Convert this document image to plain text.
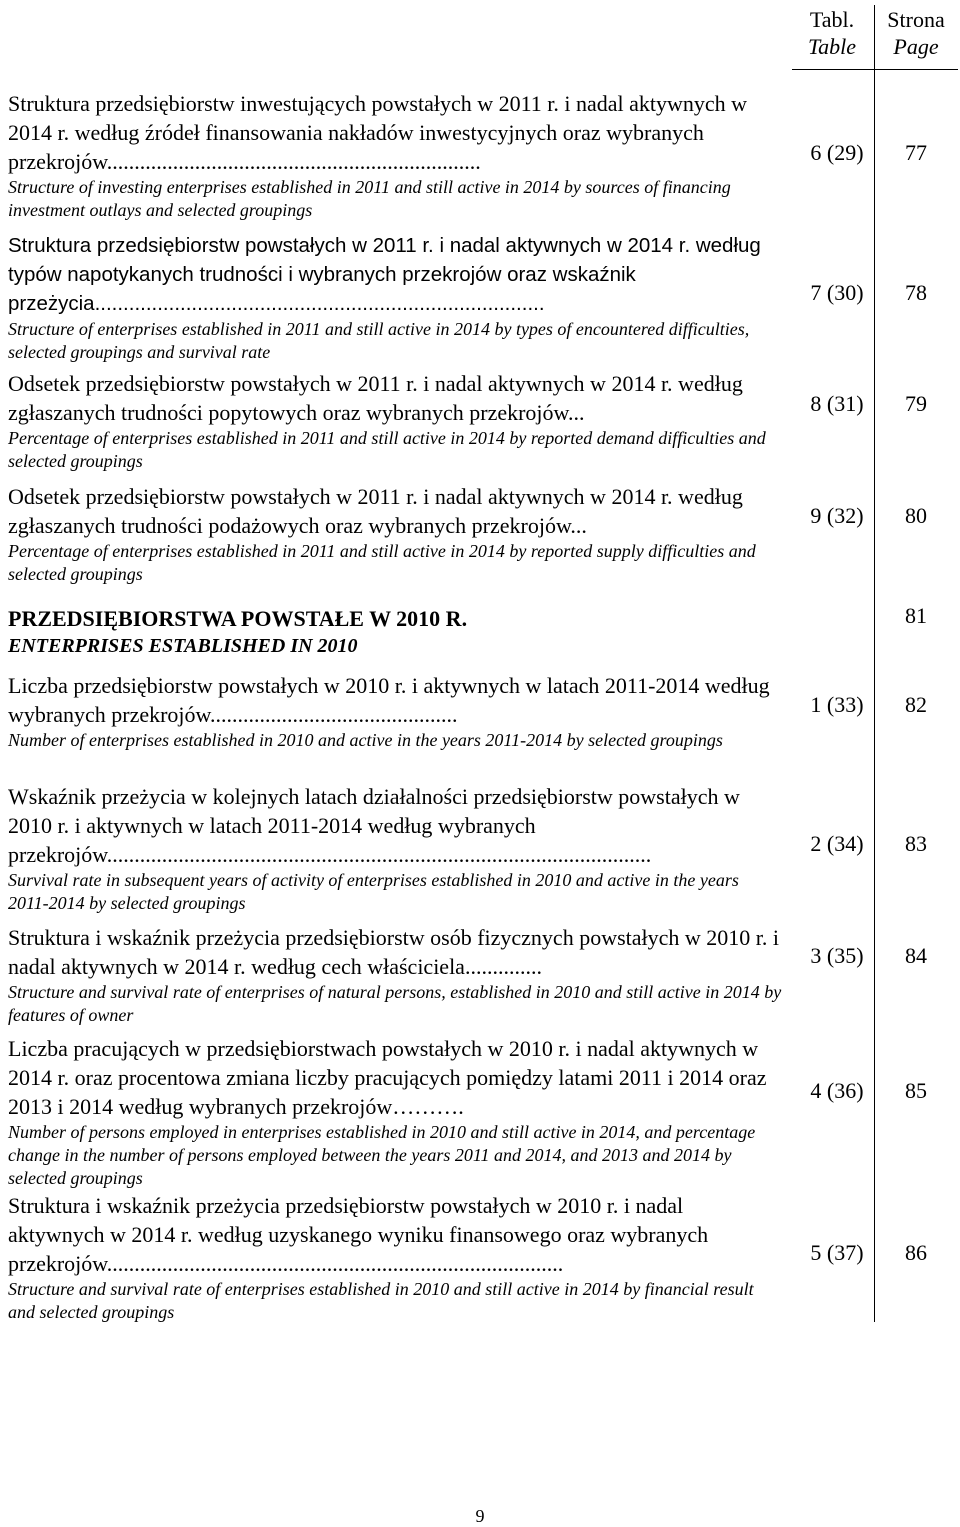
Tabl.
Table
Strona
Page
Struktura przedsiębiorstw inwestujących powstałych w 2011 r. i nadal aktywnych w 2014 r. według źródeł finansowania nakładów inwestycyjnych oraz wybranych przekrojów....................................................................
Structure of investing enterprises established in 2011 and still active in 2014 by sources of financing investment outlays and selected groupings
6 (29)	77
Struktura przedsiębiorstw powstałych w 2011 r. i nadal aktywnych w 2014 r. według typów napotykanych trudności i wybranych przekrojów oraz wskaźnik przeżycia...............................................................................
Structure of enterprises established in 2011 and still active in 2014 by types of encountered difficulties, selected groupings and survival rate
7 (30)	78
Odsetek przedsiębiorstw powstałych w 2011 r. i nadal aktywnych w 2014 r. według zgłaszanych trudności popytowych oraz wybranych przekrojów...
Percentage of enterprises established in 2011 and still active in 2014 by reported demand difficulties and selected groupings
8 (31)	79
Odsetek przedsiębiorstw powstałych w 2011 r. i nadal aktywnych w 2014 r. według zgłaszanych trudności podażowych oraz wybranych przekrojów...
Percentage of enterprises established in 2011 and still active in 2014 by reported supply difficulties and selected groupings
9 (32)	80
PRZEDSIĘBIORSTWA POWSTAŁE W 2010 R.
ENTERPRISES ESTABLISHED IN 2010
81
Liczba przedsiębiorstw powstałych w 2010 r. i aktywnych w latach 2011-2014 według wybranych przekrojów.............................................
Number of enterprises established in 2010 and active in the years 2011-2014 by selected groupings
1 (33)	82
Wskaźnik przeżycia w kolejnych latach działalności przedsiębiorstw powstałych w 2010 r. i aktywnych w latach 2011-2014 według wybranych przekrojów...................................................................................................
Survival rate in subsequent years of activity of enterprises established in 2010 and active in the years 2011-2014 by selected groupings
2 (34)	83
Struktura i wskaźnik przeżycia przedsiębiorstw osób fizycznych powstałych w 2010 r. i nadal aktywnych w 2014 r. według cech właściciela..............
Structure and survival rate of enterprises of natural persons, established in 2010 and still active in 2014 by features of owner
3 (35)	84
Liczba pracujących w przedsiębiorstwach powstałych w 2010 r. i nadal aktywnych w 2014 r. oraz procentowa zmiana liczby pracujących pomiędzy latami 2011 i 2014 oraz 2013 i 2014 według wybranych przekrojów……….
Number of persons employed in enterprises established in 2010 and still active in 2014, and percentage change in the number of persons employed between the years 2011 and 2014, and 2013 and 2014 by selected groupings
4 (36)	85
Struktura i wskaźnik przeżycia przedsiębiorstw powstałych w 2010 r. i nadal aktywnych w 2014 r. według uzyskanego wyniku finansowego oraz wybranych przekrojów...................................................................................
Structure and survival rate of enterprises established in 2010 and still active in 2014 by financial result and selected groupings
5 (37)	86
9
